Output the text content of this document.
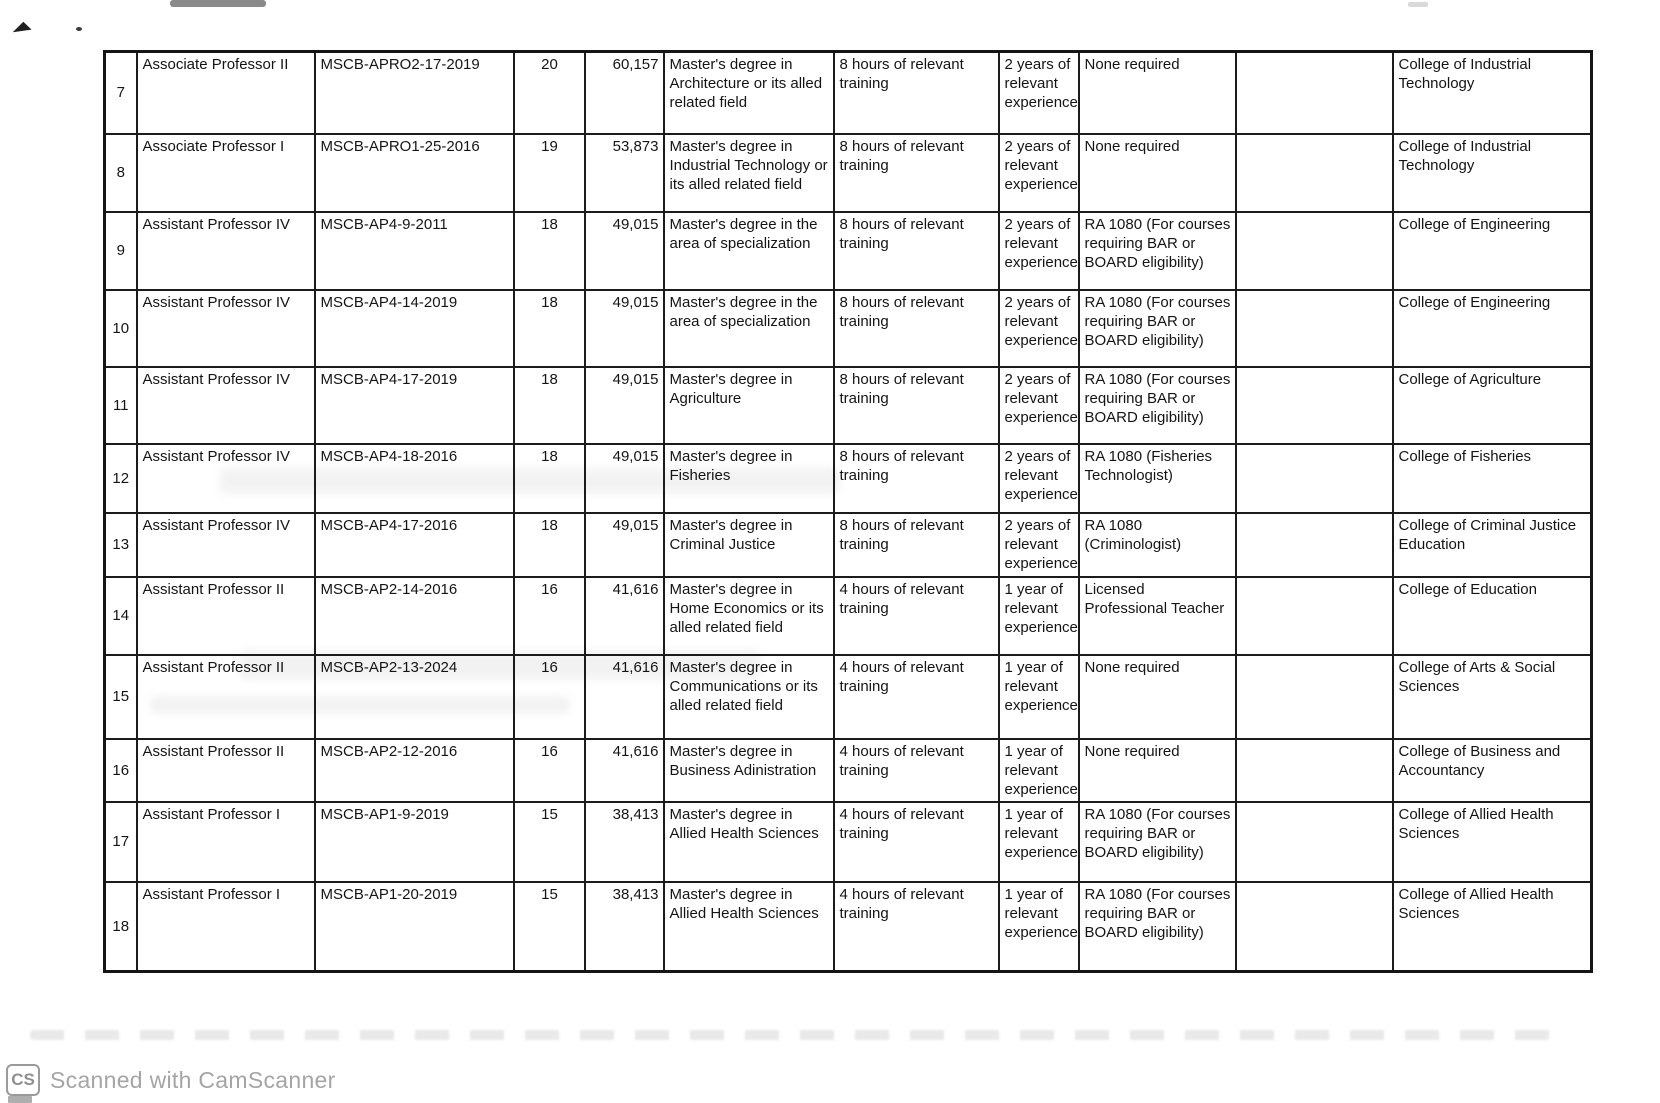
7	Associate Professor II	MSCB-APRO2-17-2019	20	60,157	Master's degree in Architecture or its alled related field	8 hours of relevant training	2 years of relevant experience	None required		College of Industrial Technology
8	Associate Professor I	MSCB-APRO1-25-2016	19	53,873	Master's degree in Industrial Technology or its alled related field	8 hours of relevant training	2 years of relevant experience	None required		College of Industrial Technology
9	Assistant Professor IV	MSCB-AP4-9-2011	18	49,015	Master's degree in the area of specialization	8 hours of relevant training	2 years of relevant experience	RA 1080 (For courses requiring BAR or BOARD eligibility)		College of Engineering
10	Assistant Professor IV	MSCB-AP4-14-2019	18	49,015	Master's degree in the area of specialization	8 hours of relevant training	2 years of relevant experience	RA 1080 (For courses requiring BAR or BOARD eligibility)		College of Engineering
11	Assistant Professor IV	MSCB-AP4-17-2019	18	49,015	Master's degree in Agriculture	8 hours of relevant training	2 years of relevant experience	RA 1080 (For courses requiring BAR or BOARD eligibility)		College of Agriculture
12	Assistant Professor IV	MSCB-AP4-18-2016	18	49,015	Master's degree in Fisheries	8 hours of relevant training	2 years of relevant experience	RA 1080 (Fisheries Technologist)		College of Fisheries
13	Assistant Professor IV	MSCB-AP4-17-2016	18	49,015	Master's degree in Criminal Justice	8 hours of relevant training	2 years of relevant experience	RA 1080 (Criminologist)		College of Criminal Justice Education
14	Assistant Professor II	MSCB-AP2-14-2016	16	41,616	Master's degree in Home Economics or its alled related field	4 hours of relevant training	1 year of relevant experience	Licensed Professional Teacher		College of Education
15	Assistant Professor II	MSCB-AP2-13-2024	16	41,616	Master's degree in Communications or its alled related field	4 hours of relevant training	1 year of relevant experience	None required		College of Arts & Social Sciences
16	Assistant Professor II	MSCB-AP2-12-2016	16	41,616	Master's degree in Business Adinistration	4 hours of relevant training	1 year of relevant experience	None required		College of Business and Accountancy
17	Assistant Professor I	MSCB-AP1-9-2019	15	38,413	Master's degree in Allied Health Sciences	4 hours of relevant training	1 year of relevant experience	RA 1080 (For courses requiring BAR or BOARD eligibility)		College of Allied Health Sciences
18	Assistant Professor I	MSCB-AP1-20-2019	15	38,413	Master's degree in Allied Health Sciences	4 hours of relevant training	1 year of relevant experience	RA 1080 (For courses requiring BAR or BOARD eligibility)		College of Allied Health Sciences
CS Scanned with CamScanner
